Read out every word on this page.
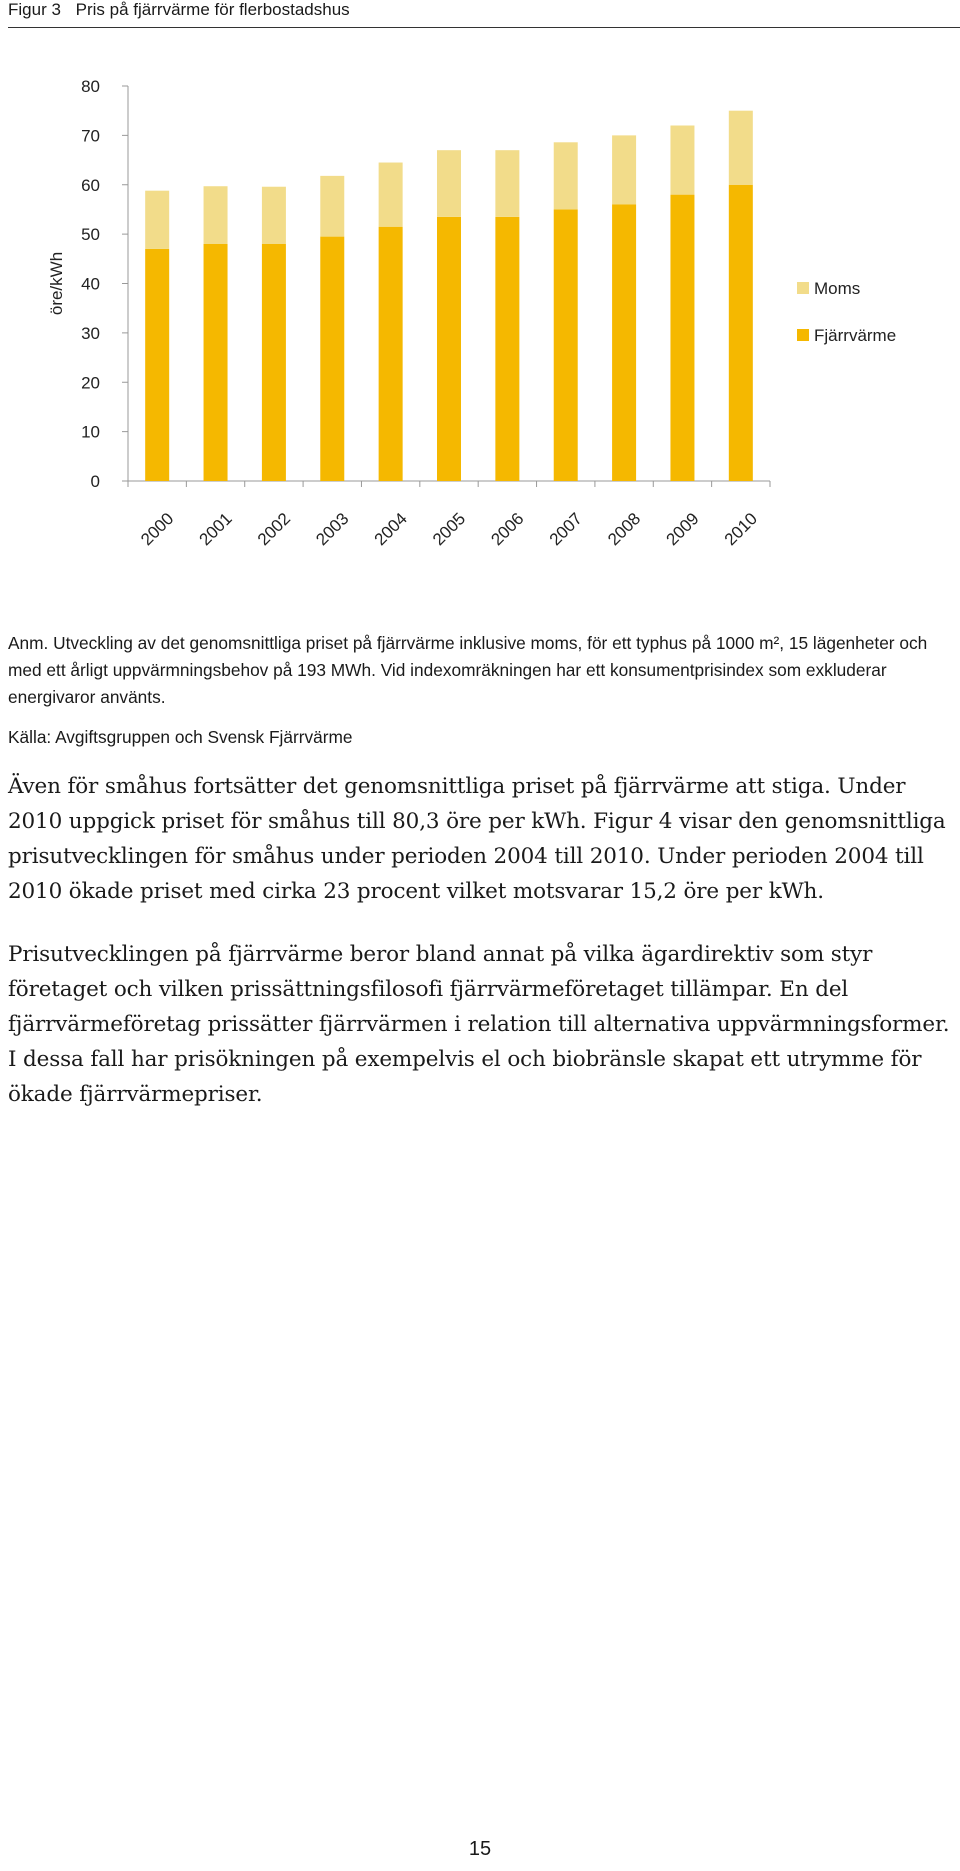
Figur 3 Pris på fjärrvärme för flerbostadshus
0
10
20
30
40
50
60
70
80
öre/kWh
2000 2001 2002 2003 2004 2005 2006 2007 2008 2009 2010
Moms
Fjärrvärme
Anm. Utveckling av det genomsnittliga priset på fjärrvärme inklusive moms, för ett typhus på 1000 m², 15 lägenheter och med ett årligt uppvärmningsbehov på 193 MWh. Vid indexomräkningen har ett konsumentprisindex som exkluderar energivaror använts.
Källa: Avgiftsgruppen och Svensk Fjärrvärme

Även för småhus fortsätter det genomsnittliga priset på fjärrvärme att stiga. Under 2010 uppgick priset för småhus till 80,3 öre per kWh. Figur 4 visar den genomsnittliga prisutvecklingen för småhus under perioden 2004 till 2010. Under perioden 2004 till 2010 ökade priset med cirka 23 procent vilket motsvarar 15,2 öre per kWh.

Prisutvecklingen på fjärrvärme beror bland annat på vilka ägardirektiv som styr företaget och vilken prissättningsfilosofi fjärrvärmeföretaget tillämpar. En del fjärrvärmeföretag prissätter fjärrvärmen i relation till alternativa uppvärmningsformer. I dessa fall har prisökningen på exempelvis el och biobränsle skapat ett utrymme för ökade fjärrvärmepriser.

15
